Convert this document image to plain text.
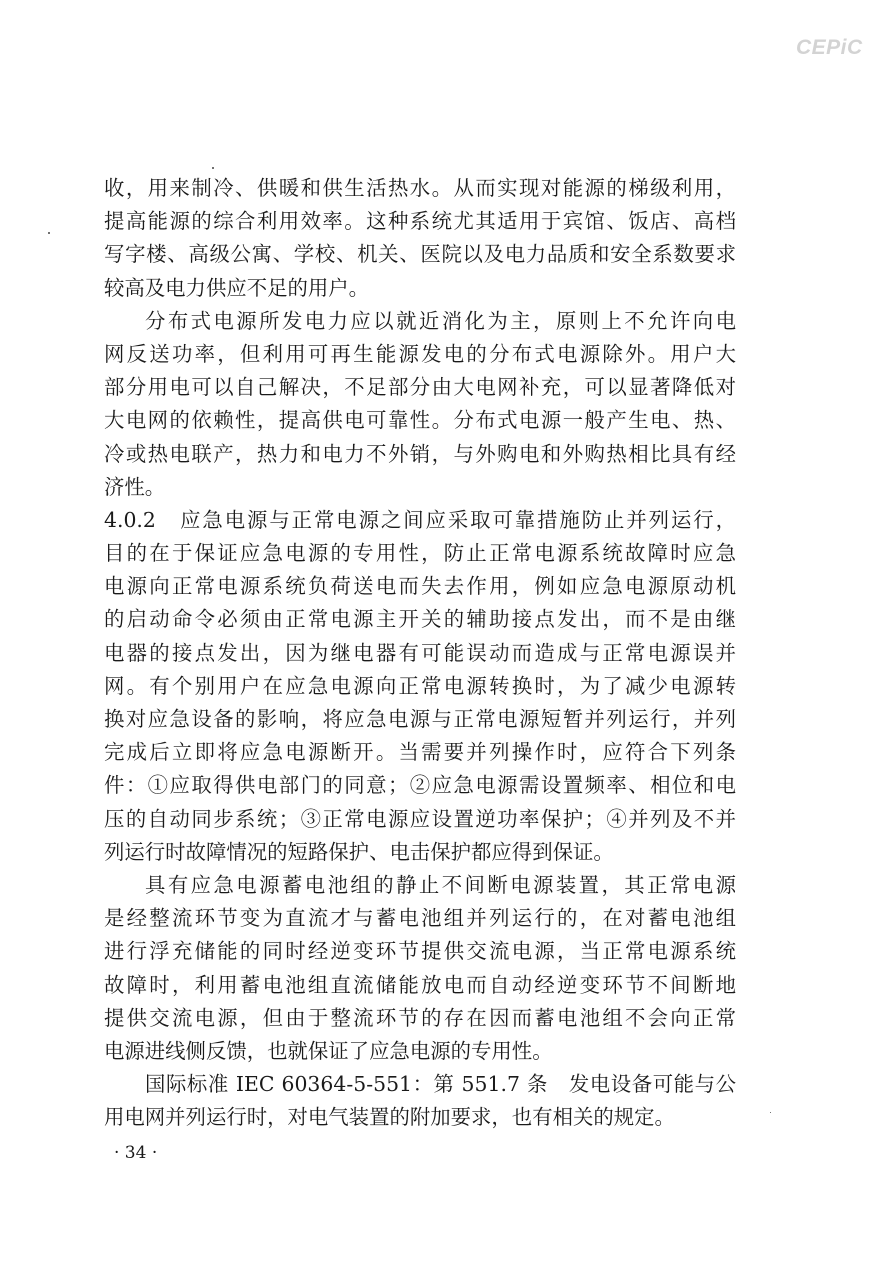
CEPiC
收，用来制冷、供暖和供生活热水。从而实现对能源的梯级利用，
提高能源的综合利用效率。这种系统尤其适用于宾馆、饭店、高档
写字楼、高级公寓、学校、机关、医院以及电力品质和安全系数要求
较高及电力供应不足的用户。
分布式电源所发电力应以就近消化为主，原则上不允许向电
网反送功率，但利用可再生能源发电的分布式电源除外。用户大
部分用电可以自己解决，不足部分由大电网补充，可以显著降低对
大电网的依赖性，提高供电可靠性。分布式电源一般产生电、热、
冷或热电联产，热力和电力不外销，与外购电和外购热相比具有经
济性。
4.0.2　应急电源与正常电源之间应采取可靠措施防止并列运行，
目的在于保证应急电源的专用性，防止正常电源系统故障时应急
电源向正常电源系统负荷送电而失去作用，例如应急电源原动机
的启动命令必须由正常电源主开关的辅助接点发出，而不是由继
电器的接点发出，因为继电器有可能误动而造成与正常电源误并
网。有个别用户在应急电源向正常电源转换时，为了减少电源转
换对应急设备的影响，将应急电源与正常电源短暂并列运行，并列
完成后立即将应急电源断开。当需要并列操作时，应符合下列条
件：①应取得供电部门的同意；②应急电源需设置频率、相位和电
压的自动同步系统；③正常电源应设置逆功率保护；④并列及不并
列运行时故障情况的短路保护、电击保护都应得到保证。
具有应急电源蓄电池组的静止不间断电源装置，其正常电源
是经整流环节变为直流才与蓄电池组并列运行的，在对蓄电池组
进行浮充储能的同时经逆变环节提供交流电源，当正常电源系统
故障时，利用蓄电池组直流储能放电而自动经逆变环节不间断地
提供交流电源，但由于整流环节的存在因而蓄电池组不会向正常
电源进线侧反馈，也就保证了应急电源的专用性。
国际标准 IEC 60364-5-551：第 551.7 条　发电设备可能与公
用电网并列运行时，对电气装置的附加要求，也有相关的规定。
· 34 ·
